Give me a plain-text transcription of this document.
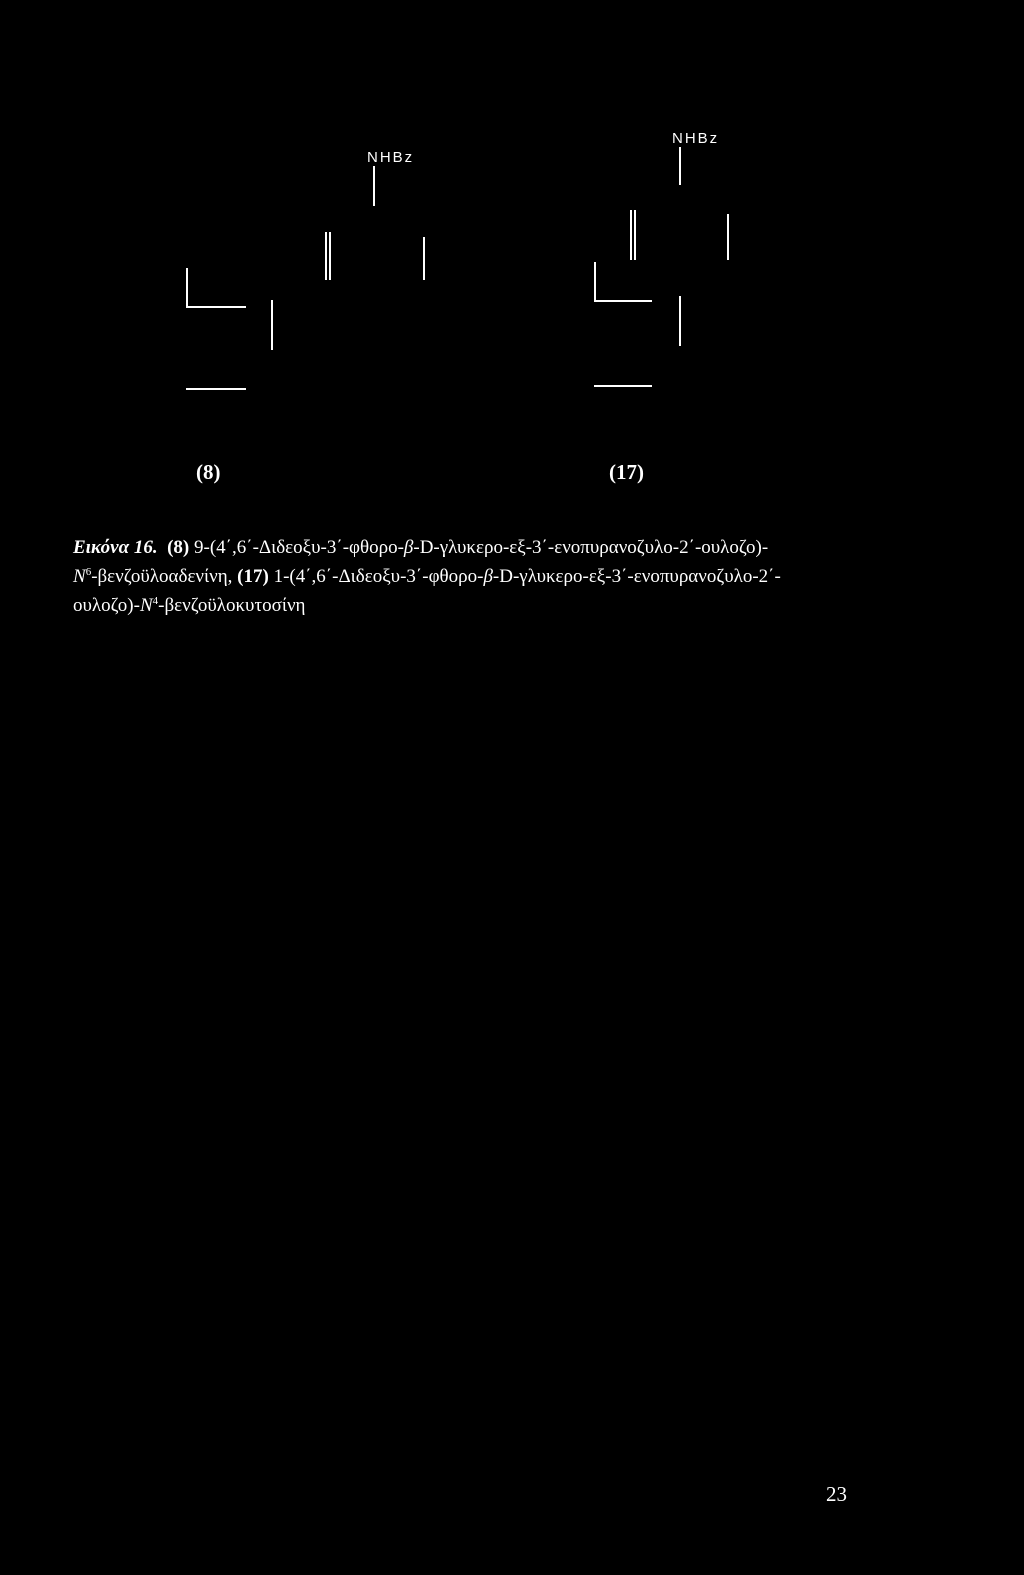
NHBz
(8)
NHBz
(17)
Εικόνα 16. (8) 9-(4΄,6΄-Διδεοξυ-3΄-φθορο-β-D-γλυκερο-εξ-3΄-ενοπυρανοζυλο-2΄-ουλοζο)-
$N^6$-βενζοϋλοαδενίνη, (17) 1-(4΄,6΄-Διδεοξυ-3΄-φθορο-β-D-γλυκερο-εξ-3΄-ενοπυρανοζυλο-2΄-
$o\upsilon\lambda o\zeta o)-N^4$-βενζοϋλοκυτοσίνη
23
